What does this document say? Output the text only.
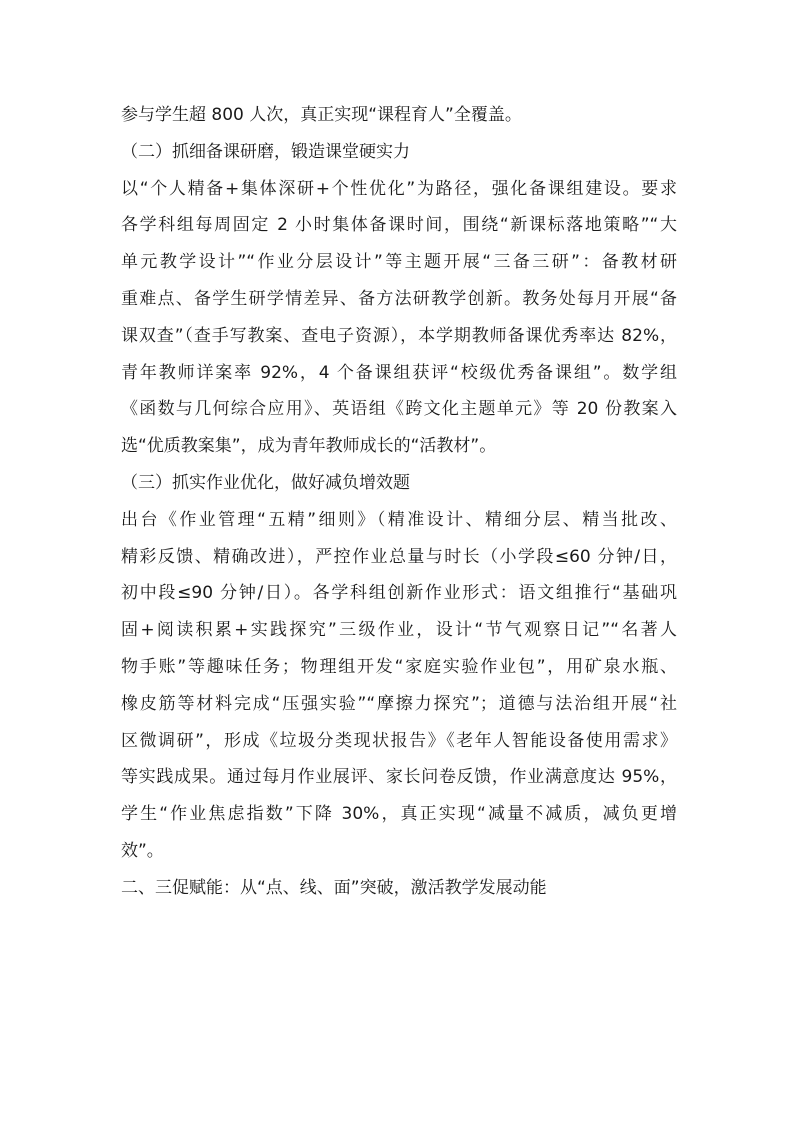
参与学生超 800 人次，真正实现“课程育人”全覆盖。
（二）抓细备课研磨，锻造课堂硬实力
以“个人精备+集体深研+个性优化”为路径，强化备课组建设。要求
各学科组每周固定 2 小时集体备课时间，围绕“新课标落地策略”“大
单元教学设计”“作业分层设计”等主题开展“三备三研”：备教材研
重难点、备学生研学情差异、备方法研教学创新。教务处每月开展“备
课双查”（查手写教案、查电子资源），本学期教师备课优秀率达 82%，
青年教师详案率 92%，4 个备课组获评“校级优秀备课组”。数学组
《函数与几何综合应用》、英语组《跨文化主题单元》等 20 份教案入
选“优质教案集”，成为青年教师成长的“活教材”。
（三）抓实作业优化，做好减负增效题
出台《作业管理“五精”细则》（精准设计、精细分层、精当批改、
精彩反馈、精确改进），严控作业总量与时长（小学段≤60 分钟/日，
初中段≤90 分钟/日）。各学科组创新作业形式：语文组推行“基础巩
固+阅读积累+实践探究”三级作业，设计“节气观察日记”“名著人
物手账”等趣味任务；物理组开发“家庭实验作业包”，用矿泉水瓶、
橡皮筋等材料完成“压强实验”“摩擦力探究”；道德与法治组开展“社
区微调研”，形成《垃圾分类现状报告》《老年人智能设备使用需求》
等实践成果。通过每月作业展评、家长问卷反馈，作业满意度达 95%，
学生“作业焦虑指数”下降 30%，真正实现“减量不减质，减负更增
效”。
二、三促赋能：从“点、线、面”突破，激活教学发展动能
